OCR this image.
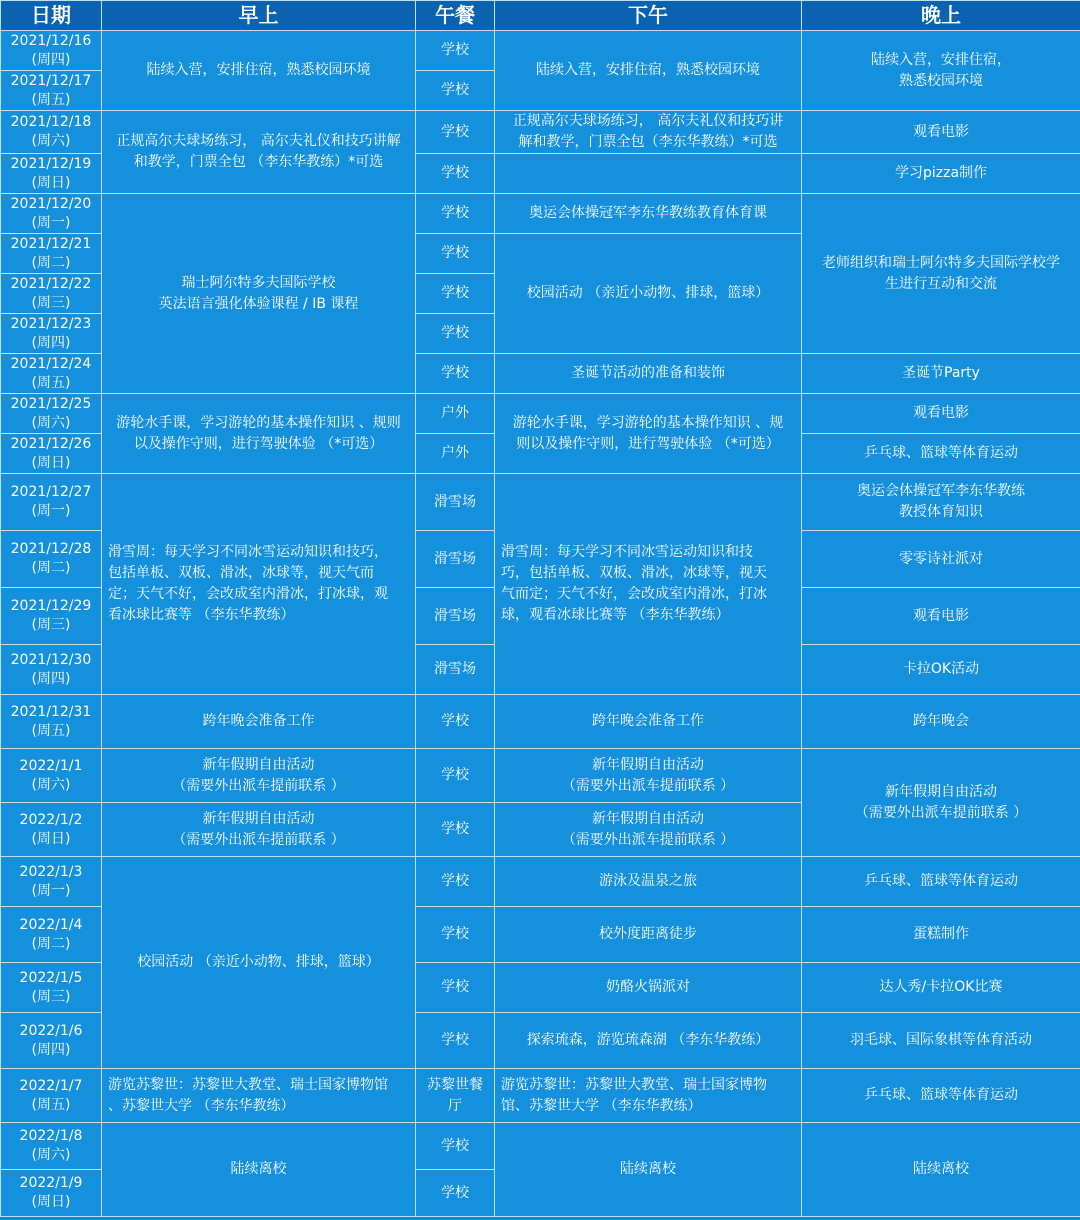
日期	早上	午餐	下午	晚上

2021/12/16
(周四)	陆续入营，安排住宿，熟悉校园环境	学校	陆续入营，安排住宿，熟悉校园环境	陆续入营，安排住宿，
熟悉校园环境

2021/12/17
(周五)		学校		

2021/12/18
(周六)	正规高尔夫球场练习， 高尔夫礼仪和技巧讲解
和教学，门票全包 （李东华教练）*可选	学校	正规高尔夫球场练习， 高尔夫礼仪和技巧讲
解和教学，门票全包（李东华教练）*可选	观看电影

2021/12/19
(周日)		学校		学习pizza制作

2021/12/20
(周一)	瑞士阿尔特多夫国际学校
英法语言强化体验课程 / IB 课程	学校	奥运会体操冠军李东华教练教育体育课	老师组织和瑞士阿尔特多夫国际学校学
生进行互动和交流

2021/12/21
(周二)		学校	校园活动 （亲近小动物、排球，篮球）	

2021/12/22
(周三)		学校		

2021/12/23
(周四)		学校		

2021/12/24
(周五)		学校	圣诞节活动的准备和装饰	圣诞节Party

2021/12/25
(周六)	游轮水手课，学习游轮的基本操作知识 、规则
以及操作守则，进行驾驶体验 （*可选）	户外	游轮水手课，学习游轮的基本操作知识 、规
则以及操作守则，进行驾驶体验 （*可选）	观看电影

2021/12/26
(周日)		户外		乒乓球、篮球等体育运动

2021/12/27
(周一)	滑雪周：每天学习不同冰雪运动知识和技巧，
包括单板、双板、滑冰，冰球等，视天气而
定；天气不好，会改成室内滑冰，打冰球，观
看冰球比赛等 （李东华教练）	滑雪场	滑雪周：每天学习不同冰雪运动知识和技
巧，包括单板、双板、滑冰，冰球等，视天
气而定；天气不好，会改成室内滑冰，打冰
球，观看冰球比赛等 （李东华教练）	奥运会体操冠军李东华教练
教授体育知识

2021/12/28
(周二)		滑雪场		零零诗社派对

2021/12/29
(周三)		滑雪场		观看电影

2021/12/30
(周四)		滑雪场		卡拉OK活动

2021/12/31
(周五)	跨年晚会准备工作	学校	跨年晚会准备工作	跨年晚会

2022/1/1
(周六)	新年假期自由活动
（需要外出派车提前联系 ）	学校	新年假期自由活动
（需要外出派车提前联系 ）	新年假期自由活动
（需要外出派车提前联系 ）

2022/1/2
(周日)	新年假期自由活动
（需要外出派车提前联系 ）	学校	新年假期自由活动
（需要外出派车提前联系 ）	

2022/1/3
(周一)	校园活动 （亲近小动物、排球，篮球）	学校	游泳及温泉之旅	乒乓球、篮球等体育运动

2022/1/4
(周二)		学校	校外度距离徒步	蛋糕制作

2022/1/5
(周三)		学校	奶酪火锅派对	达人秀/卡拉OK比赛

2022/1/6
(周四)		学校	探索琉森，游览琉森湖 （李东华教练）	羽毛球、国际象棋等体育活动

2022/1/7
(周五)	游览苏黎世：苏黎世大教堂、瑞士国家博物馆
、苏黎世大学 （李东华教练）	苏黎世餐厅	游览苏黎世：苏黎世大教堂、瑞士国家博物
馆、苏黎世大学 （李东华教练）	乒乓球、篮球等体育运动

2022/1/8
(周六)	陆续离校	学校	陆续离校	陆续离校

2022/1/9
(周日)		学校		
